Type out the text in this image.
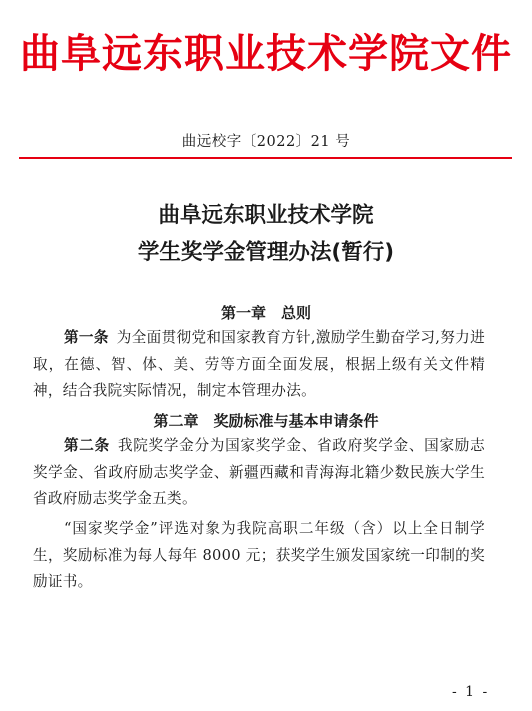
曲阜远东职业技术学院文件
曲远校字〔2022〕21 号
曲阜远东职业技术学院
学生奖学金管理办法(暂行)
第一章　总则
第一条 为全面贯彻党和国家教育方针,激励学生勤奋学习,努力进取，在德、智、体、美、劳等方面全面发展，根据上级有关文件精神，结合我院实际情况，制定本管理办法。
第二章　奖励标准与基本申请条件
第二条 我院奖学金分为国家奖学金、省政府奖学金、国家励志奖学金、省政府励志奖学金、新疆西藏和青海海北籍少数民族大学生省政府励志奖学金五类。
“国家奖学金”评选对象为我院高职二年级（含）以上全日制学生，奖励标准为每人每年 8000 元；获奖学生颁发国家统一印制的奖励证书。
- 1 -
